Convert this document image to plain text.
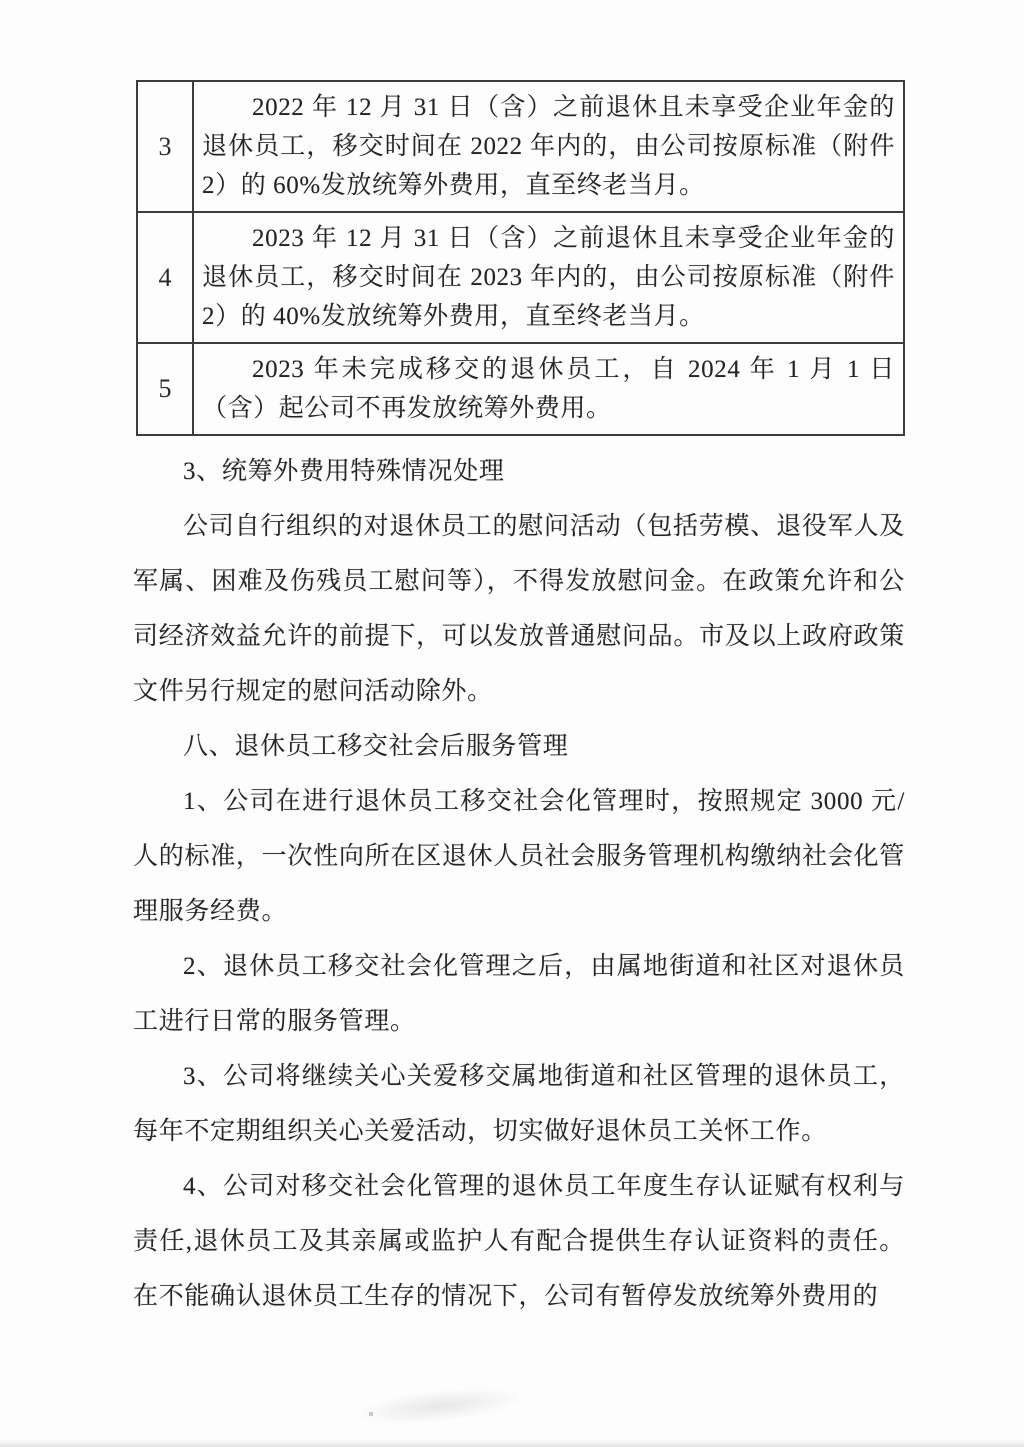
3	2022 年 12 月 31 日（含）之前退休且未享受企业年金的退休员工，移交时间在 2022 年内的，由公司按原标准（附件 2）的 60%发放统筹外费用，直至终老当月。

4	2023 年 12 月 31 日（含）之前退休且未享受企业年金的退休员工，移交时间在 2023 年内的，由公司按原标准（附件 2）的 40%发放统筹外费用，直至终老当月。

5	2023 年未完成移交的退休员工，自 2024 年 1 月 1 日（含）起公司不再发放统筹外费用。

3、统筹外费用特殊情况处理

公司自行组织的对退休员工的慰问活动（包括劳模、退役军人及军属、困难及伤残员工慰问等），不得发放慰问金。在政策允许和公司经济效益允许的前提下，可以发放普通慰问品。市及以上政府政策文件另行规定的慰问活动除外。

八、退休员工移交社会后服务管理

1、公司在进行退休员工移交社会化管理时，按照规定 3000 元/人的标准，一次性向所在区退休人员社会服务管理机构缴纳社会化管理服务经费。

2、退休员工移交社会化管理之后，由属地街道和社区对退休员工进行日常的服务管理。

3、公司将继续关心关爱移交属地街道和社区管理的退休员工，每年不定期组织关心关爱活动，切实做好退休员工关怀工作。

4、公司对移交社会化管理的退休员工年度生存认证赋有权利与责任,退休员工及其亲属或监护人有配合提供生存认证资料的责任。在不能确认退休员工生存的情况下，公司有暂停发放统筹外费用的
